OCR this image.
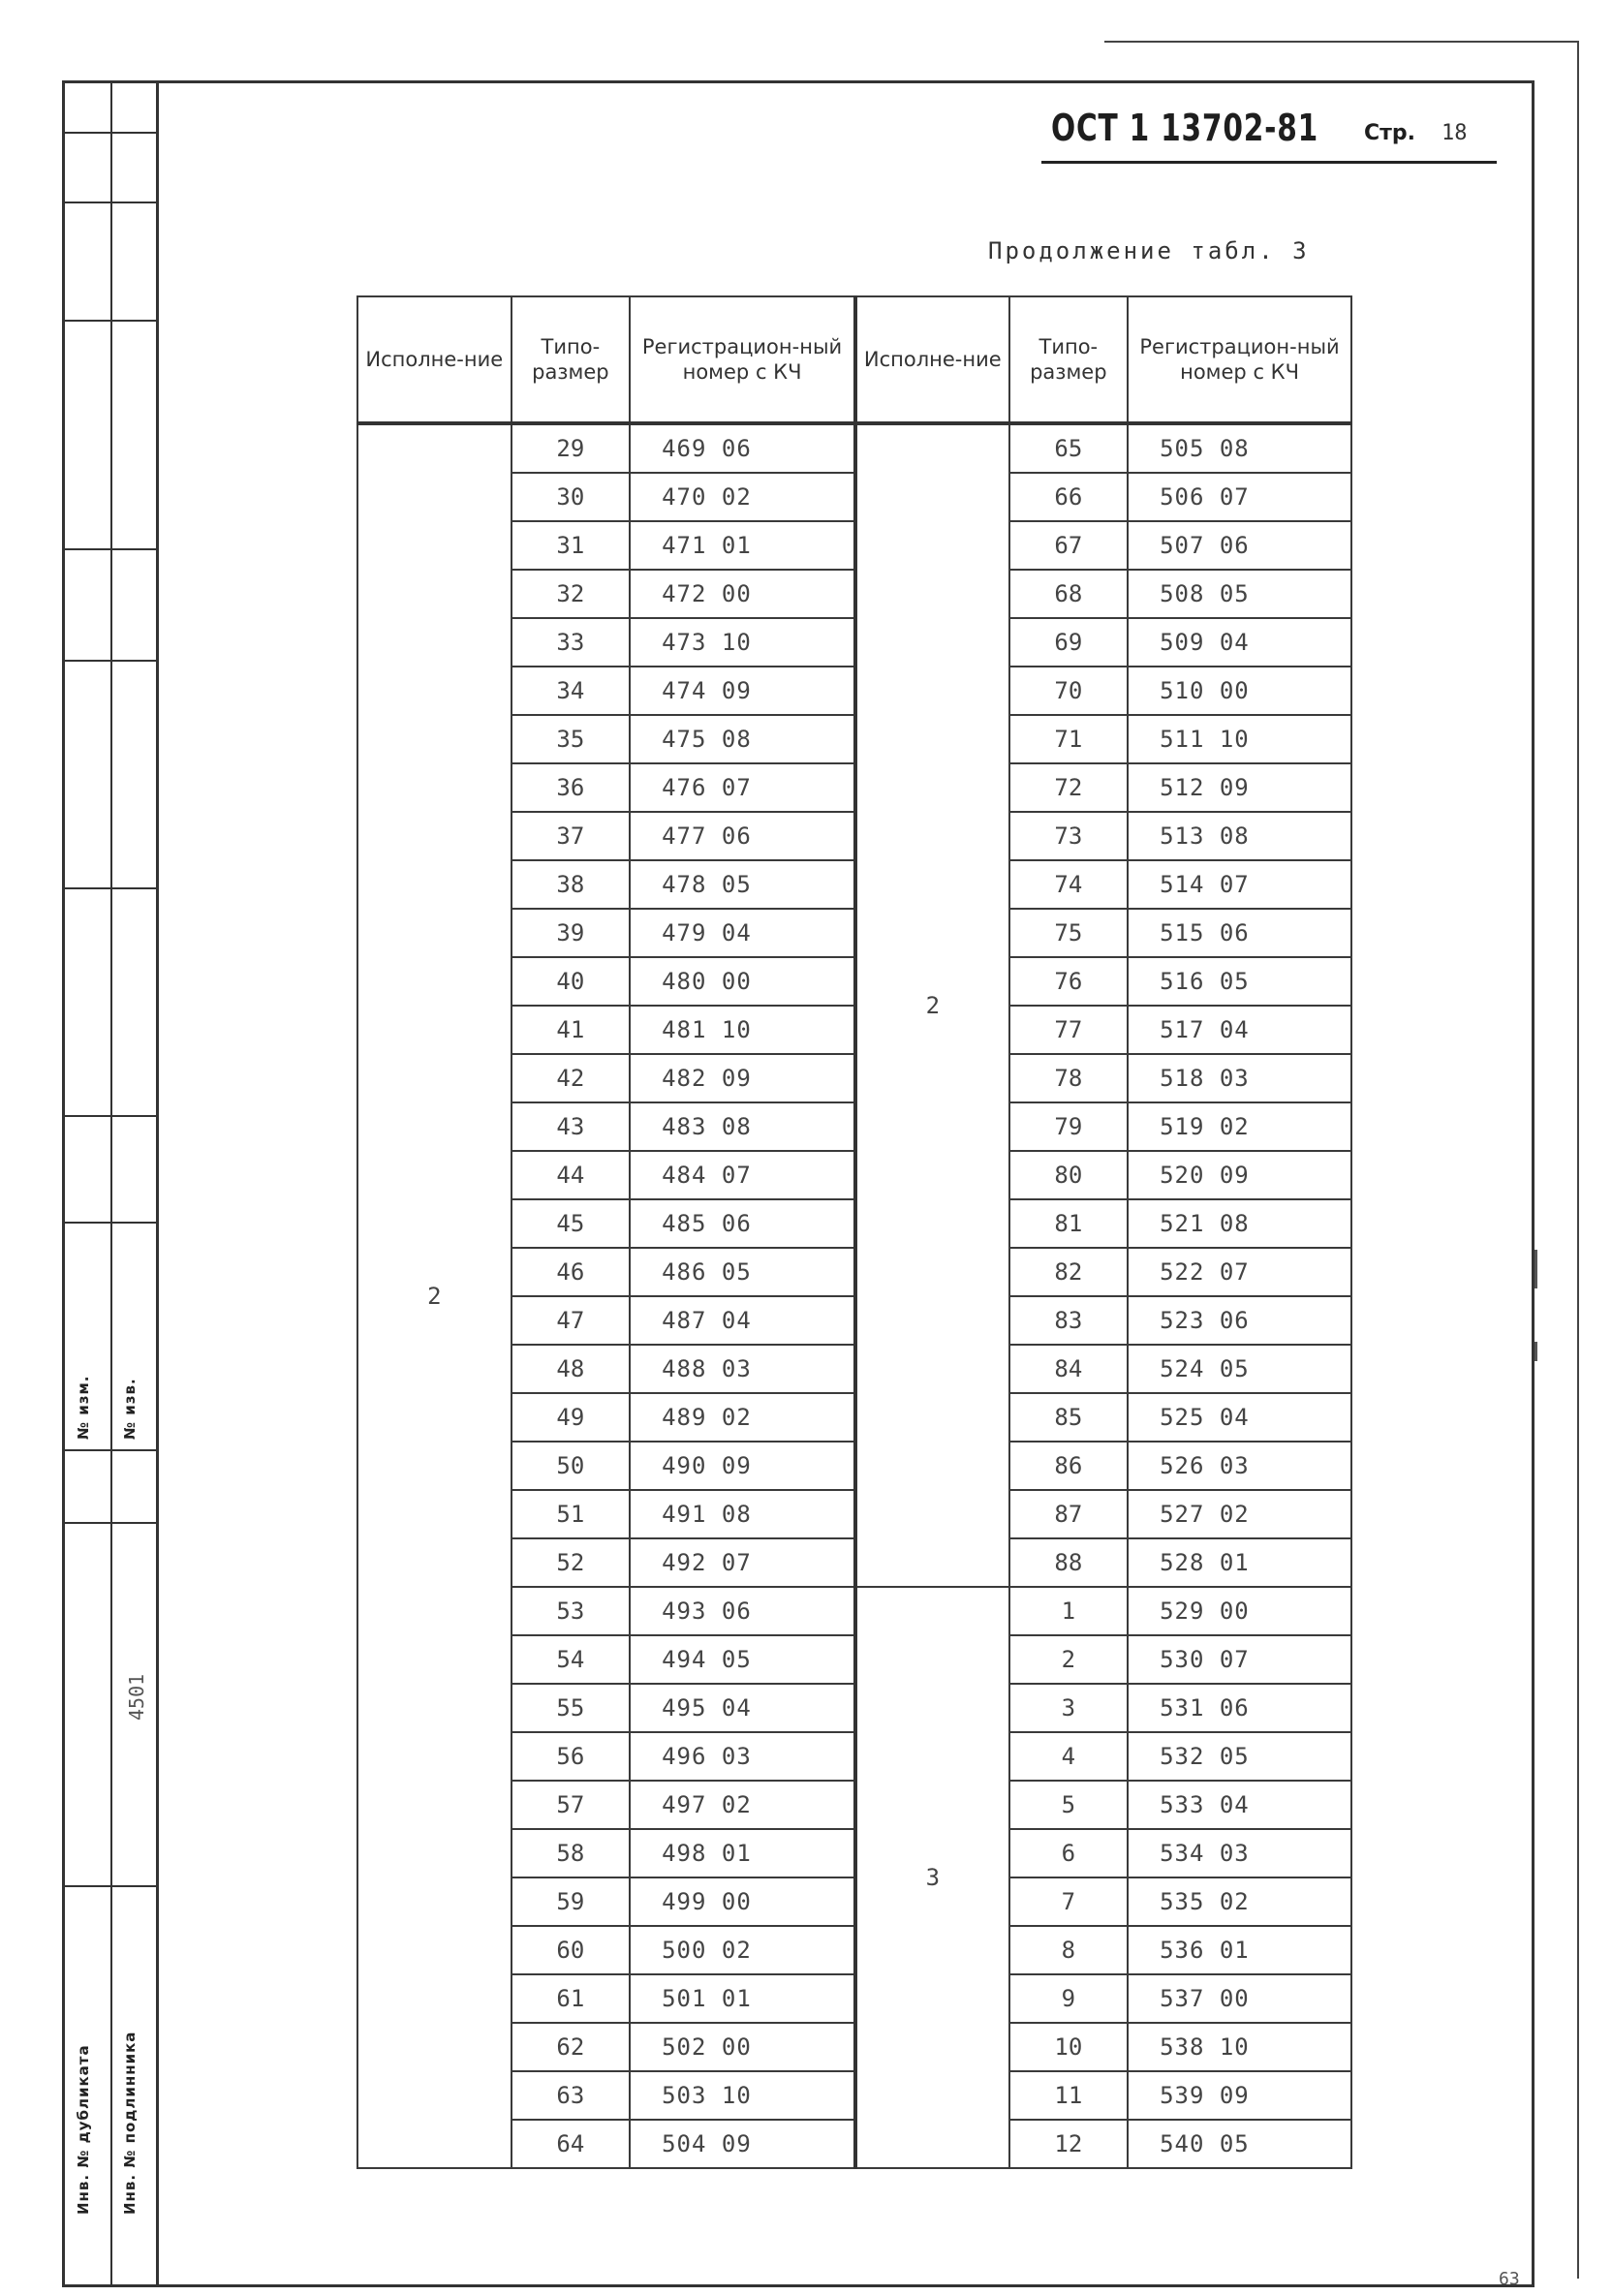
№ изм. № изв.
4501
Инв. № дубликата Инв. № подлинника
ОСТ 1 13702-81 Стр. 18
Продолжение табл. 3
Исполне-ние	Типо-размер	Регистрацион-ный номер с КЧ	Исполне-ние	Типо-размер	Регистрацион-ный номер с КЧ
2	29	469 06	2	65	505 08
	30	470 02		66	506 07
	31	471 01		67	507 06
	32	472 00		68	508 05
	33	473 10		69	509 04
	34	474 09		70	510 00
	35	475 08		71	511 10
	36	476 07		72	512 09
	37	477 06		73	513 08
	38	478 05		74	514 07
	39	479 04		75	515 06
	40	480 00		76	516 05
	41	481 10		77	517 04
	42	482 09		78	518 03
	43	483 08		79	519 02
	44	484 07		80	520 09
	45	485 06		81	521 08
	46	486 05		82	522 07
	47	487 04		83	523 06
	48	488 03		84	524 05
	49	489 02		85	525 04
	50	490 09		86	526 03
	51	491 08		87	527 02
	52	492 07		88	528 01
	53	493 06	3	1	529 00
	54	494 05		2	530 07
	55	495 04		3	531 06
	56	496 03		4	532 05
	57	497 02		5	533 04
	58	498 01		6	534 03
	59	499 00		7	535 02
	60	500 02		8	536 01
	61	501 01		9	537 00
	62	502 00		10	538 10
	63	503 10		11	539 09
	64	504 09		12	540 05
63
